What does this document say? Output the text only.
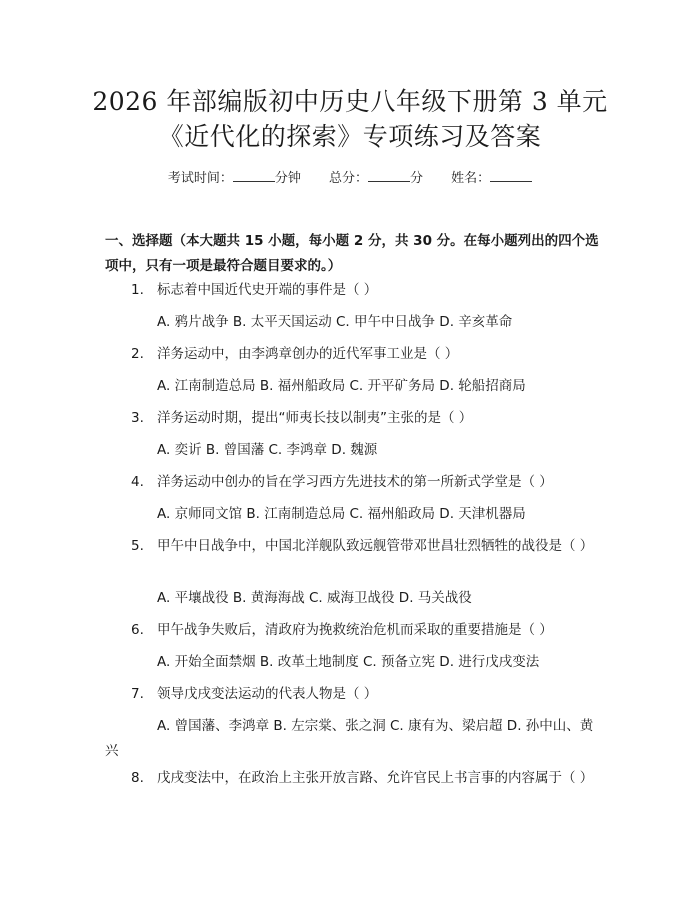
2026 年部编版初中历史八年级下册第 3 单元
《近代化的探索》专项练习及答案
考试时间：	分钟 总分：	分 姓名：
一、选择题（本大题共 15 小题，每小题 2 分，共 30 分。在每小题列出的四个选项中，只有一项是最符合题目要求的。）
1. 标志着中国近代史开端的事件是（ ）
A. 鸦片战争 B. 太平天国运动 C. 甲午中日战争 D. 辛亥革命
2. 洋务运动中，由李鸿章创办的近代军事工业是（ ）
A. 江南制造总局 B. 福州船政局 C. 开平矿务局 D. 轮船招商局
3. 洋务运动时期，提出“师夷长技以制夷”主张的是（ ）
A. 奕䜣 B. 曾国藩 C. 李鸿章 D. 魏源
4. 洋务运动中创办的旨在学习西方先进技术的第一所新式学堂是（ ）
A. 京师同文馆 B. 江南制造总局 C. 福州船政局 D. 天津机器局
5. 甲午中日战争中，中国北洋舰队致远舰管带邓世昌壮烈牺牲的战役是（ ）
A. 平壤战役 B. 黄海海战 C. 威海卫战役 D. 马关战役
6. 甲午战争失败后，清政府为挽救统治危机而采取的重要措施是（ ）
A. 开始全面禁烟 B. 改革土地制度 C. 预备立宪 D. 进行戊戌变法
7. 领导戊戌变法运动的代表人物是（ ）
A. 曾国藩、李鸿章 B. 左宗棠、张之洞 C. 康有为、梁启超 D. 孙中山、黄兴
8. 戊戌变法中，在政治上主张开放言路、允许官民上书言事的内容属于（ ）
